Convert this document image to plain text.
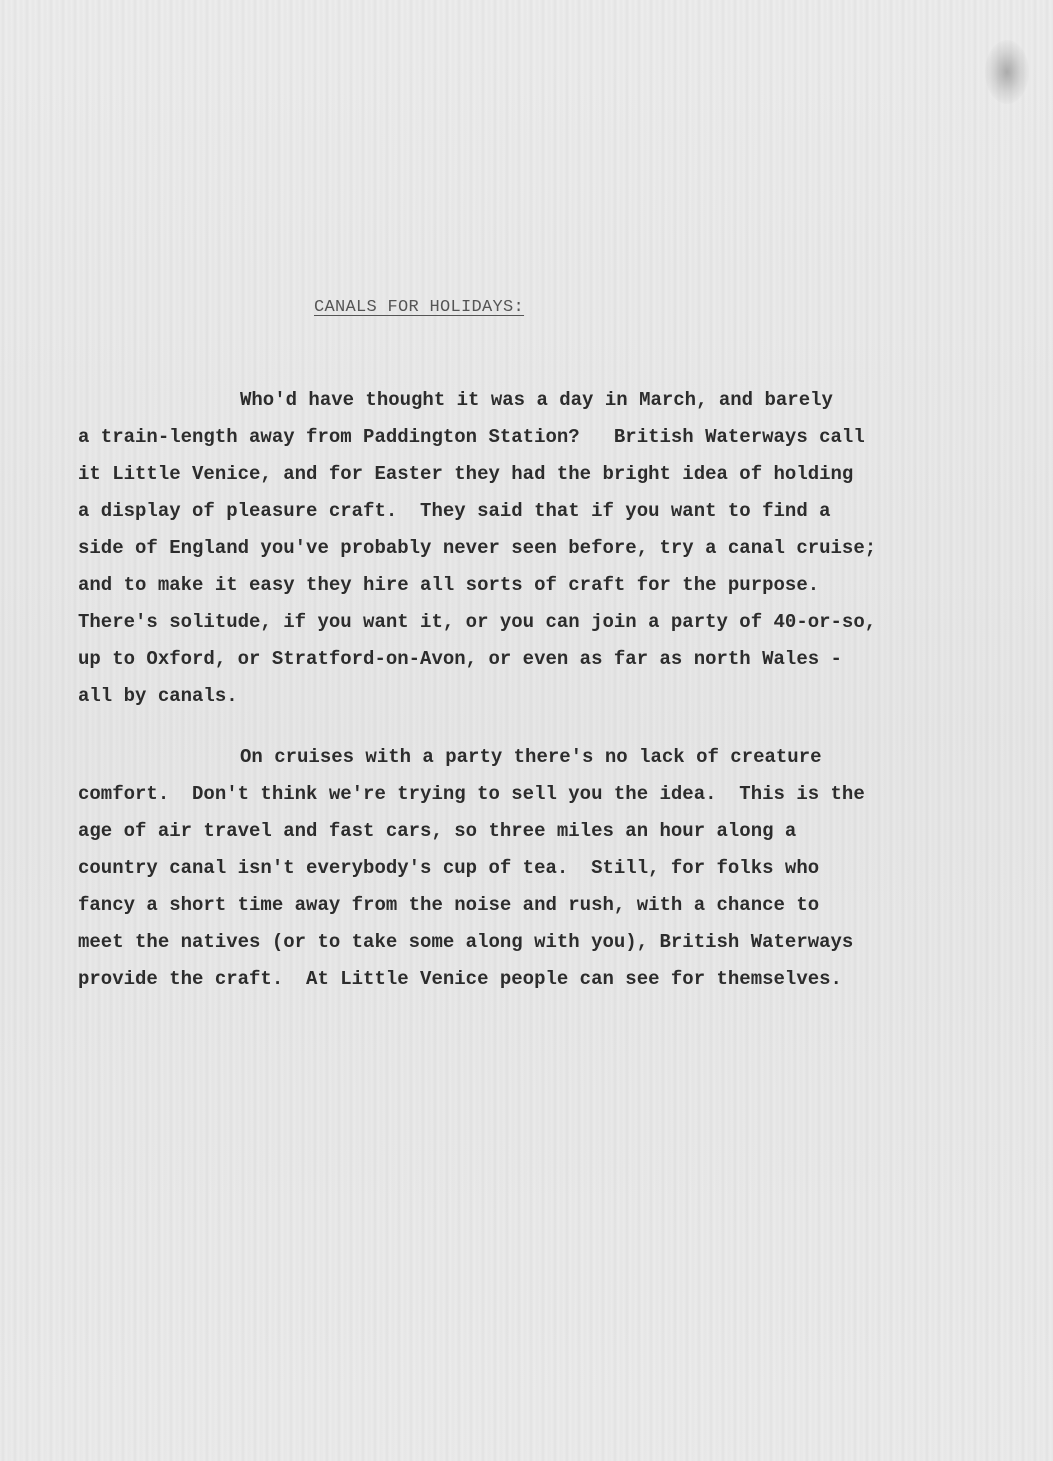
CANALS FOR HOLIDAYS:
Who'd have thought it was a day in March, and barely
a train-length away from Paddington Station?   British Waterways call
it Little Venice, and for Easter they had the bright idea of holding
a display of pleasure craft.  They said that if you want to find a
side of England you've probably never seen before, try a canal cruise;
and to make it easy they hire all sorts of craft for the purpose.
There's solitude, if you want it, or you can join a party of 40-or-so,
up to Oxford, or Stratford-on-Avon, or even as far as north Wales -
all by canals.
On cruises with a party there's no lack of creature
comfort.  Don't think we're trying to sell you the idea.  This is the
age of air travel and fast cars, so three miles an hour along a
country canal isn't everybody's cup of tea.  Still, for folks who
fancy a short time away from the noise and rush, with a chance to
meet the natives (or to take some along with you), British Waterways
provide the craft.  At Little Venice people can see for themselves.
